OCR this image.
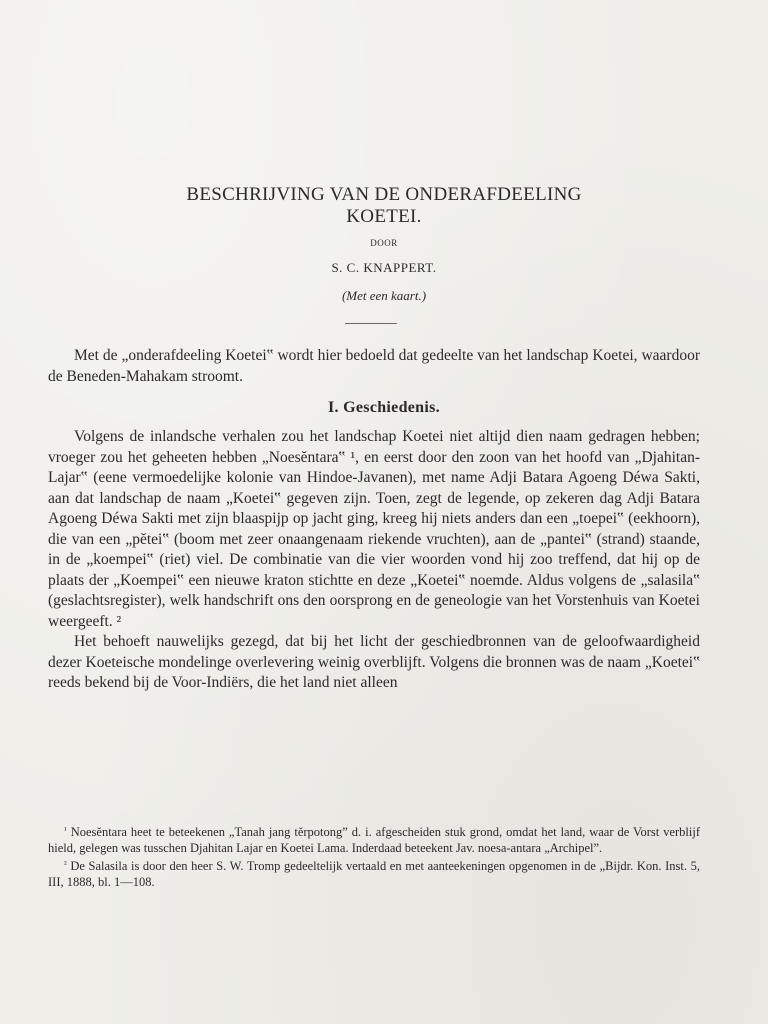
BESCHRIJVING VAN DE ONDERAFDEELING
KOETEI.
DOOR
S. C. KNAPPERT.
(Met een kaart.)

Met de „onderafdeeling Koetei‟ wordt hier bedoeld dat gedeelte van het landschap Koetei, waardoor de Beneden-Mahakam stroomt.

I. Geschiedenis.

Volgens de inlandsche verhalen zou het landschap Koetei niet altijd dien naam gedragen hebben; vroeger zou het geheeten hebben „Noesĕntara‟ ¹, en eerst door den zoon van het hoofd van „Djahitan-Lajar‟ (eene vermoedelijke kolonie van Hindoe-Javanen), met name Adji Batara Agoeng Déwa Sakti, aan dat landschap de naam „Koetei‟ gegeven zijn. Toen, zegt de legende, op zekeren dag Adji Batara Agoeng Déwa Sakti met zijn blaaspijp op jacht ging, kreeg hij niets anders dan een „toepei‟ (eekhoorn), die van een „pĕtei‟ (boom met zeer onaangenaam riekende vruchten), aan de „pantei‟ (strand) staande, in de „koempei‟ (riet) viel. De combinatie van die vier woorden vond hij zoo treffend, dat hij op de plaats der „Koempei‟ een nieuwe kraton stichtte en deze „Koetei‟ noemde. Aldus volgens de „salasila‟ (geslachtsregister), welk handschrift ons den oorsprong en de geneologie van het Vorstenhuis van Koetei weergeeft. ²

Het behoeft nauwelijks gezegd, dat bij het licht der geschiedbronnen van de geloofwaardigheid dezer Koeteische mondelinge overlevering weinig overblijft. Volgens die bronnen was de naam „Koetei‟ reeds bekend bij de Voor-Indiërs, die het land niet alleen

$^{^1}$ Noesĕntara heet te beteekenen „Tanah jang tĕrpotong” d. i. afgescheiden stuk grond, omdat het land, waar de Vorst verblijf hield, gelegen was tusschen Djahitan Lajar en Koetei Lama. Inderdaad beteekent Jav. noesa-antara „Archipel”.

$^{^2}$ De Salasila is door den heer S. W. Tromp gedeeltelijk vertaald en met aanteekeningen opgenomen in de „Bijdr. Kon. Inst. 5, III, 1888, bl. 1—108.
